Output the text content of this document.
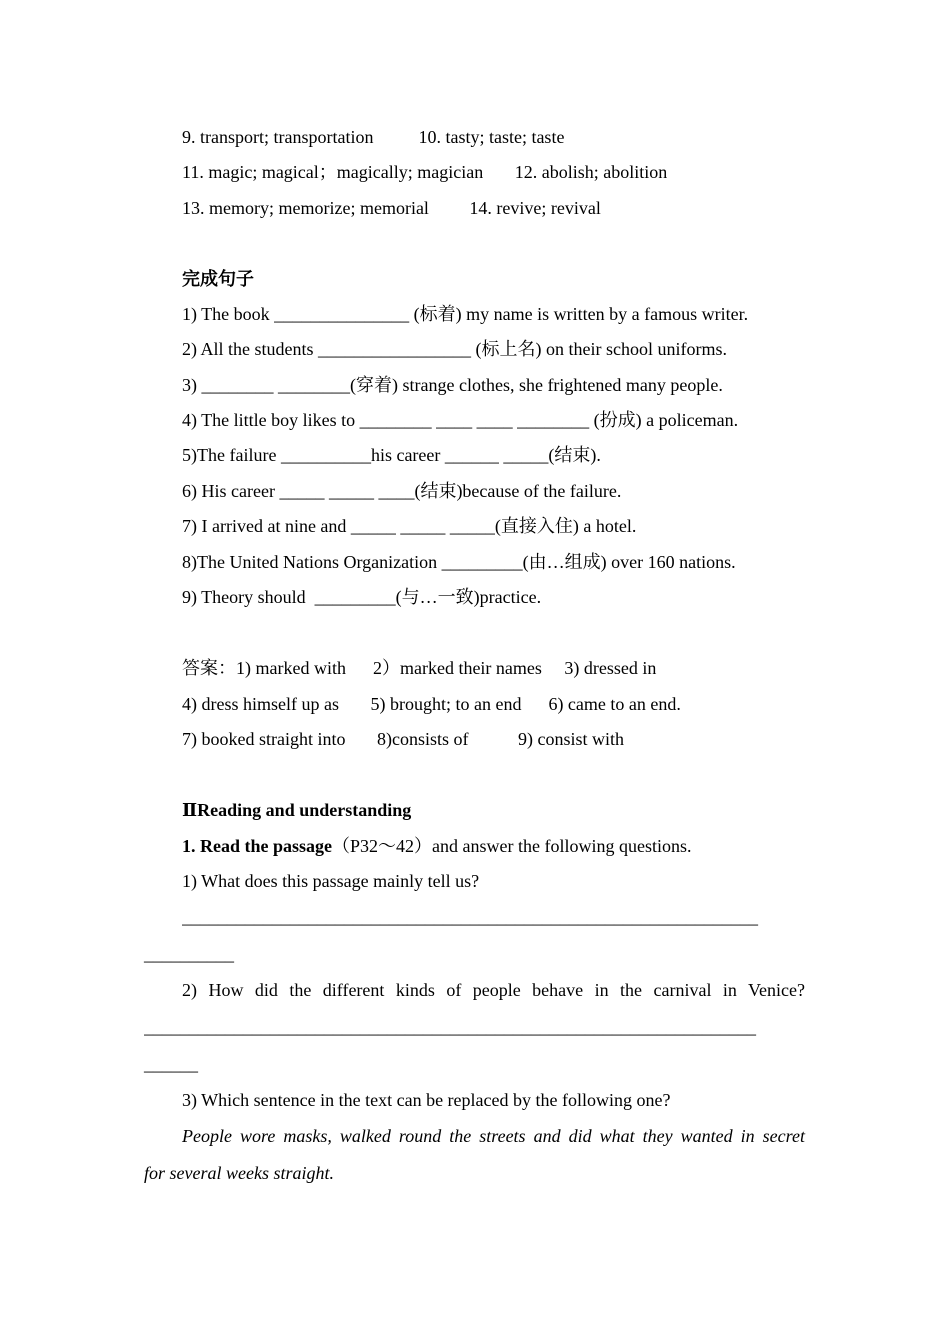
9. transport; transportation          10. tasty; taste; taste
11. magic; magical；magically; magician       12. abolish; abolition
13. memory; memorize; memorial         14. revive; revival
完成句子
1) The book _______________ (标着) my name is written by a famous writer.
2) All the students _________________ (标上名) on their school uniforms.
3) ________ ________(穿着) strange clothes, she frightened many people.
4) The little boy likes to ________ ____ ____ ________ (扮成) a policeman.
5)The failure __________his career ______ _____(结束).
6) His career _____ _____ ____(结束)because of the failure.
7) I arrived at nine and _____ _____ _____(直接入住) a hotel.
8)The United Nations Organization _________(由…组成) over 160 nations.
9) Theory should  _________(与…一致)practice.
答案：1) marked with      2）marked their names     3) dressed in
4) dress himself up as       5) brought; to an end      6) came to an end.
7) booked straight into       8)consists of           9) consist with
ⅡReading and understanding
1. Read the passage（P32～42）and answer the following questions.
1) What does this passage mainly tell us?
________________________________________________________________
__________
2) How did the different kinds of people behave in the carnival in Venice?
____________________________________________________________________
______
3) Which sentence in the text can be replaced by the following one?
People wore masks, walked round the streets and did what they wanted in secret
for several weeks straight.
